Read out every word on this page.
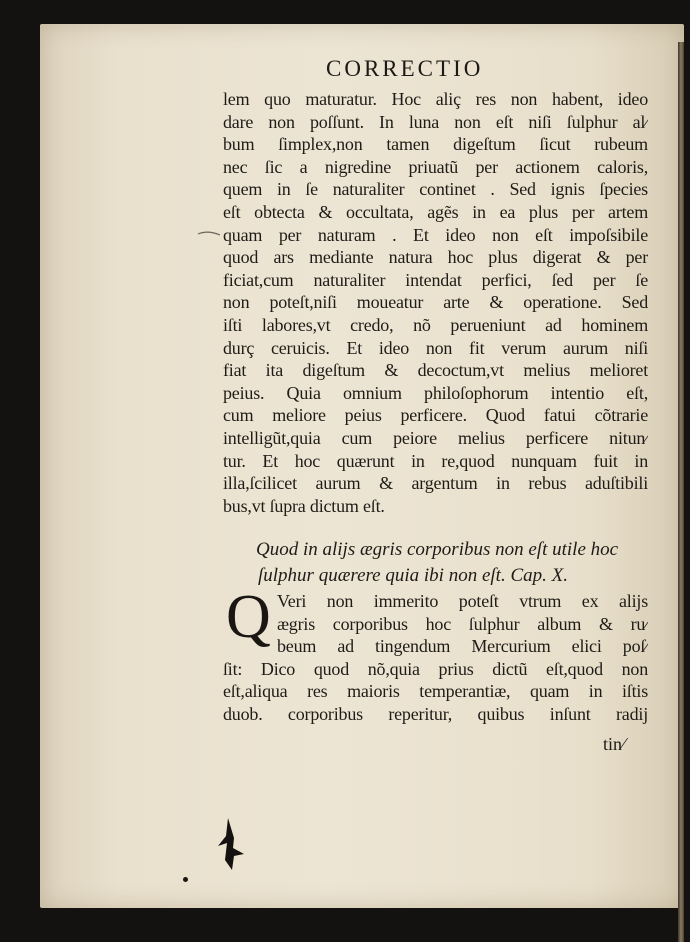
CORRECTIO
lem quo maturatur. Hoc aliç res non habent, ideo
dare non poſſunt. In luna non eſt niſi ſulphur al⁄
bum ſimplex,non tamen digeſtum ſicut rubeum
nec ſic a nigredine priuatũ per actionem caloris,
quem in ſe naturaliter continet . Sed ignis ſpecies
eſt obtecta & occultata, agẽs in ea plus per artem
quam per naturam . Et ideo non eſt impoſsibile
quod ars mediante natura hoc plus digerat & per
ficiat,cum naturaliter intendat perfici, ſed per ſe
non poteſt,niſi moueatur arte & operatione. Sed
iſti labores,vt credo, nõ perueniunt ad hominem
durç ceruicis. Et ideo non fit verum aurum niſi
fiat ita digeſtum & decoctum,vt melius melioret
peius. Quia omnium philoſophorum intentio eſt,
cum meliore peius perficere. Quod fatui cõtrarie
intelligũt,quia cum peiore melius perficere nitun⁄
tur. Et hoc quærunt in re,quod nunquam fuit in
illa,ſcilicet aurum & argentum in rebus aduſtibili
bus,vt ſupra dictum eſt.
Quod in alijs ægris corporibus non eſt utile hoc
ſulphur quærere quia ibi non eſt. Cap. X.
Q Veri non immerito poteſt vtrum ex alijs
ægris corporibus hoc ſulphur album & ru⁄
beum ad tingendum Mercurium elici poſ⁄
ſit: Dico quod nõ,quia prius dictũ eſt,quod non
eſt,aliqua res maioris temperantiæ, quam in iſtis
duob. corporibus reperitur, quibus inſunt radij
tin⁄
